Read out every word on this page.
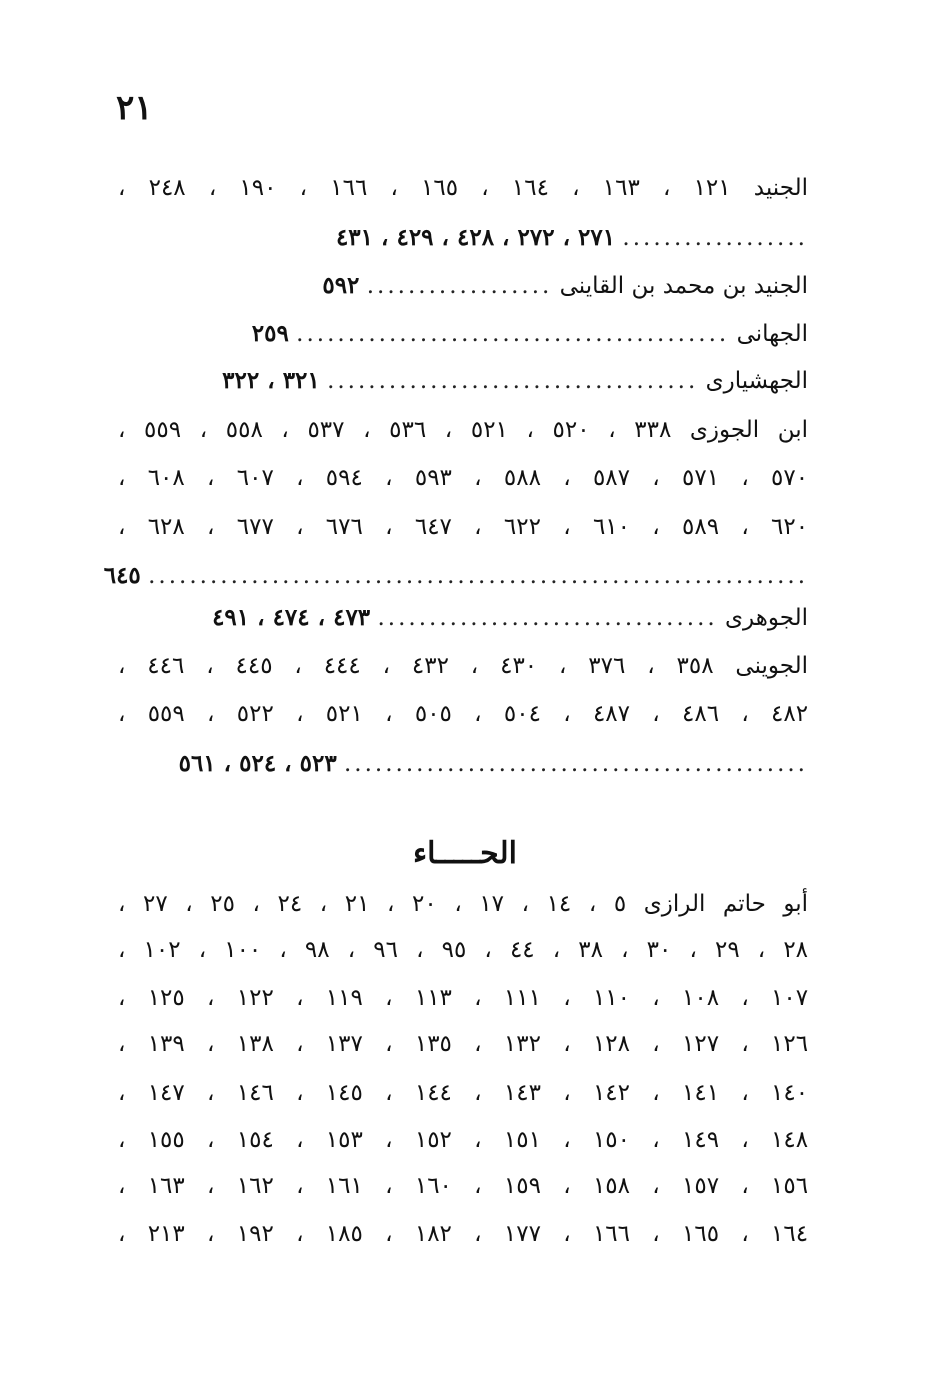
٢١
الجنيد ١٢١ ، ١٦٣ ، ١٦٤ ، ١٦٥ ، ١٦٦ ، ١٩٠ ، ٢٤٨ ،
.................. ٢٧١ ، ٢٧٢ ، ٤٢٨ ، ٤٢٩ ، ٤٣١
الجنيد بن محمد بن القاينى .................. ٥٩٢
الجهانى .......................................... ٢٥٩
الجهشيارى .................................... ٣٢١ ، ٣٢٢
ابن الجوزى ٣٣٨ ، ٥٢٠ ، ٥٢١ ، ٥٣٦ ، ٥٣٧ ، ٥٥٨ ، ٥٥٩ ،
٥٧٠ ، ٥٧١ ، ٥٨٧ ، ٥٨٨ ، ٥٩٣ ، ٥٩٤ ، ٦٠٧ ، ٦٠٨ ،
٦٢٠ ، ٥٨٩ ، ٦١٠ ، ٦٢٢ ، ٦٤٧ ، ٦٧٦ ، ٦٧٧ ، ٦٢٨ ،
................................................................ ٦٤٥
الجوهرى ................................. ٤٧٣ ، ٤٧٤ ، ٤٩١
الجوينى ٣٥٨ ، ٣٧٦ ، ٤٣٠ ، ٤٣٢ ، ٤٤٤ ، ٤٤٥ ، ٤٤٦ ،
٤٨٢ ، ٤٨٦ ، ٤٨٧ ، ٥٠٤ ، ٥٠٥ ، ٥٢١ ، ٥٢٢ ، ٥٥٩ ،
............................................. ٥٢٣ ، ٥٢٤ ، ٥٦١
الحـــــاء
أبو حاتم الرازى ٥ ، ١٤ ، ١٧ ، ٢٠ ، ٢١ ، ٢٤ ، ٢٥ ، ٢٧ ،
٢٨ ، ٢٩ ، ٣٠ ، ٣٨ ، ٤٤ ، ٩٥ ، ٩٦ ، ٩٨ ، ١٠٠ ، ١٠٢ ،
١٠٧ ، ١٠٨ ، ١١٠ ، ١١١ ، ١١٣ ، ١١٩ ، ١٢٢ ، ١٢٥ ،
١٢٦ ، ١٢٧ ، ١٢٨ ، ١٣٢ ، ١٣٥ ، ١٣٧ ، ١٣٨ ، ١٣٩ ،
١٤٠ ، ١٤١ ، ١٤٢ ، ١٤٣ ، ١٤٤ ، ١٤٥ ، ١٤٦ ، ١٤٧ ،
١٤٨ ، ١٤٩ ، ١٥٠ ، ١٥١ ، ١٥٢ ، ١٥٣ ، ١٥٤ ، ١٥٥ ،
١٥٦ ، ١٥٧ ، ١٥٨ ، ١٥٩ ، ١٦٠ ، ١٦١ ، ١٦٢ ، ١٦٣ ،
١٦٤ ، ١٦٥ ، ١٦٦ ، ١٧٧ ، ١٨٢ ، ١٨٥ ، ١٩٢ ، ٢١٣ ،
